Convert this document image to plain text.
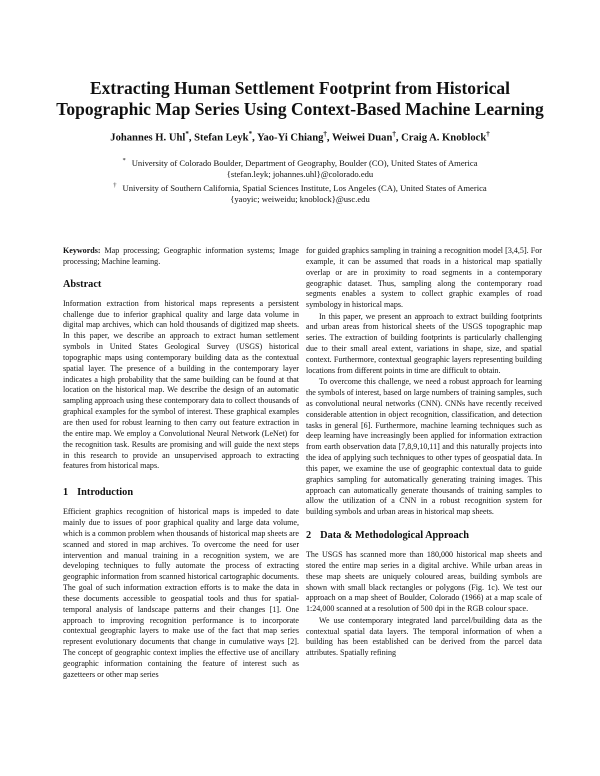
Extracting Human Settlement Footprint from Historical
Topographic Map Series Using Context-Based Machine Learning
Johannes H. Uhl*, Stefan Leyk*, Yao-Yi Chiang†, Weiwei Duan†, Craig A. Knoblock†
* University of Colorado Boulder, Department of Geography, Boulder (CO), United States of America
{stefan.leyk; johannes.uhl}@colorado.edu
† University of Southern California, Spatial Sciences Institute, Los Angeles (CA), United States of America
{yaoyic; weiweidu; knoblock}@usc.edu

Keywords: Map processing; Geographic information systems; Image processing; Machine learning.

Abstract

Information extraction from historical maps represents a persistent challenge due to inferior graphical quality and large data volume in digital map archives, which can hold thousands of digitized map sheets. In this paper, we describe an approach to extract human settlement symbols in United States Geological Survey (USGS) historical topographic maps using contemporary building data as the contextual spatial layer. The presence of a building in the contemporary layer indicates a high probability that the same building can be found at that location on the historical map. We describe the design of an automatic sampling approach using these contemporary data to collect thousands of graphical examples for the symbol of interest. These graphical examples are then used for robust learning to then carry out feature extraction in the entire map. We employ a Convolutional Neural Network (LeNet) for the recognition task. Results are promising and will guide the next steps in this research to provide an unsupervised approach to extracting features from historical maps.

1 Introduction

Efficient graphics recognition of historical maps is impeded to date mainly due to issues of poor graphical quality and large data volume, which is a common problem when thousands of historical map sheets are scanned and stored in map archives. To overcome the need for user intervention and manual training in a recognition system, we are developing techniques to fully automate the process of extracting geographic information from scanned historical cartographic documents. The goal of such information extraction efforts is to make the data in these documents accessible to geospatial tools and thus for spatial-temporal analysis of landscape patterns and their changes [1]. One approach to improving recognition performance is to incorporate contextual geographic layers to make use of the fact that map series represent evolutionary documents that change in cumulative ways [2]. The concept of geographic context implies the effective use of ancillary geographic information containing the feature of interest such as gazetteers or other map series

for guided graphics sampling in training a recognition model [3,4,5]. For example, it can be assumed that roads in a historical map spatially overlap or are in proximity to road segments in a contemporary geographic dataset. Thus, sampling along the contemporary road segments enables a system to collect graphic examples of road symbology in historical maps.

In this paper, we present an approach to extract building footprints and urban areas from historical sheets of the USGS topographic map series. The extraction of building footprints is particularly challenging due to their small areal extent, variations in shape, size, and spatial context. Furthermore, contextual geographic layers representing building locations from different points in time are difficult to obtain.

To overcome this challenge, we need a robust approach for learning the symbols of interest, based on large numbers of training samples, such as convolutional neural networks (CNN). CNNs have recently received considerable attention in object recognition, classification, and detection tasks in general [6]. Furthermore, machine learning techniques such as deep learning have increasingly been applied for information extraction from earth observation data [7,8,9,10,11] and this naturally projects into the idea of applying such techniques to other types of geospatial data. In this paper, we examine the use of geographic contextual data to guide graphics sampling for automatically generating training images. This approach can automatically generate thousands of training samples to allow the utilization of a CNN in a robust recognition system for building symbols and urban areas in historical map sheets.

2 Data & Methodological Approach

The USGS has scanned more than 180,000 historical map sheets and stored the entire map series in a digital archive. While urban areas in these map sheets are uniquely coloured areas, building symbols are shown with small black rectangles or polygons (Fig. 1c). We test our approach on a map sheet of Boulder, Colorado (1966) at a map scale of 1:24,000 scanned at a resolution of 500 dpi in the RGB colour space.

We use contemporary integrated land parcel/building data as the contextual spatial data layers. The temporal information of when a building has been established can be derived from the parcel data attributes. Spatially refining
